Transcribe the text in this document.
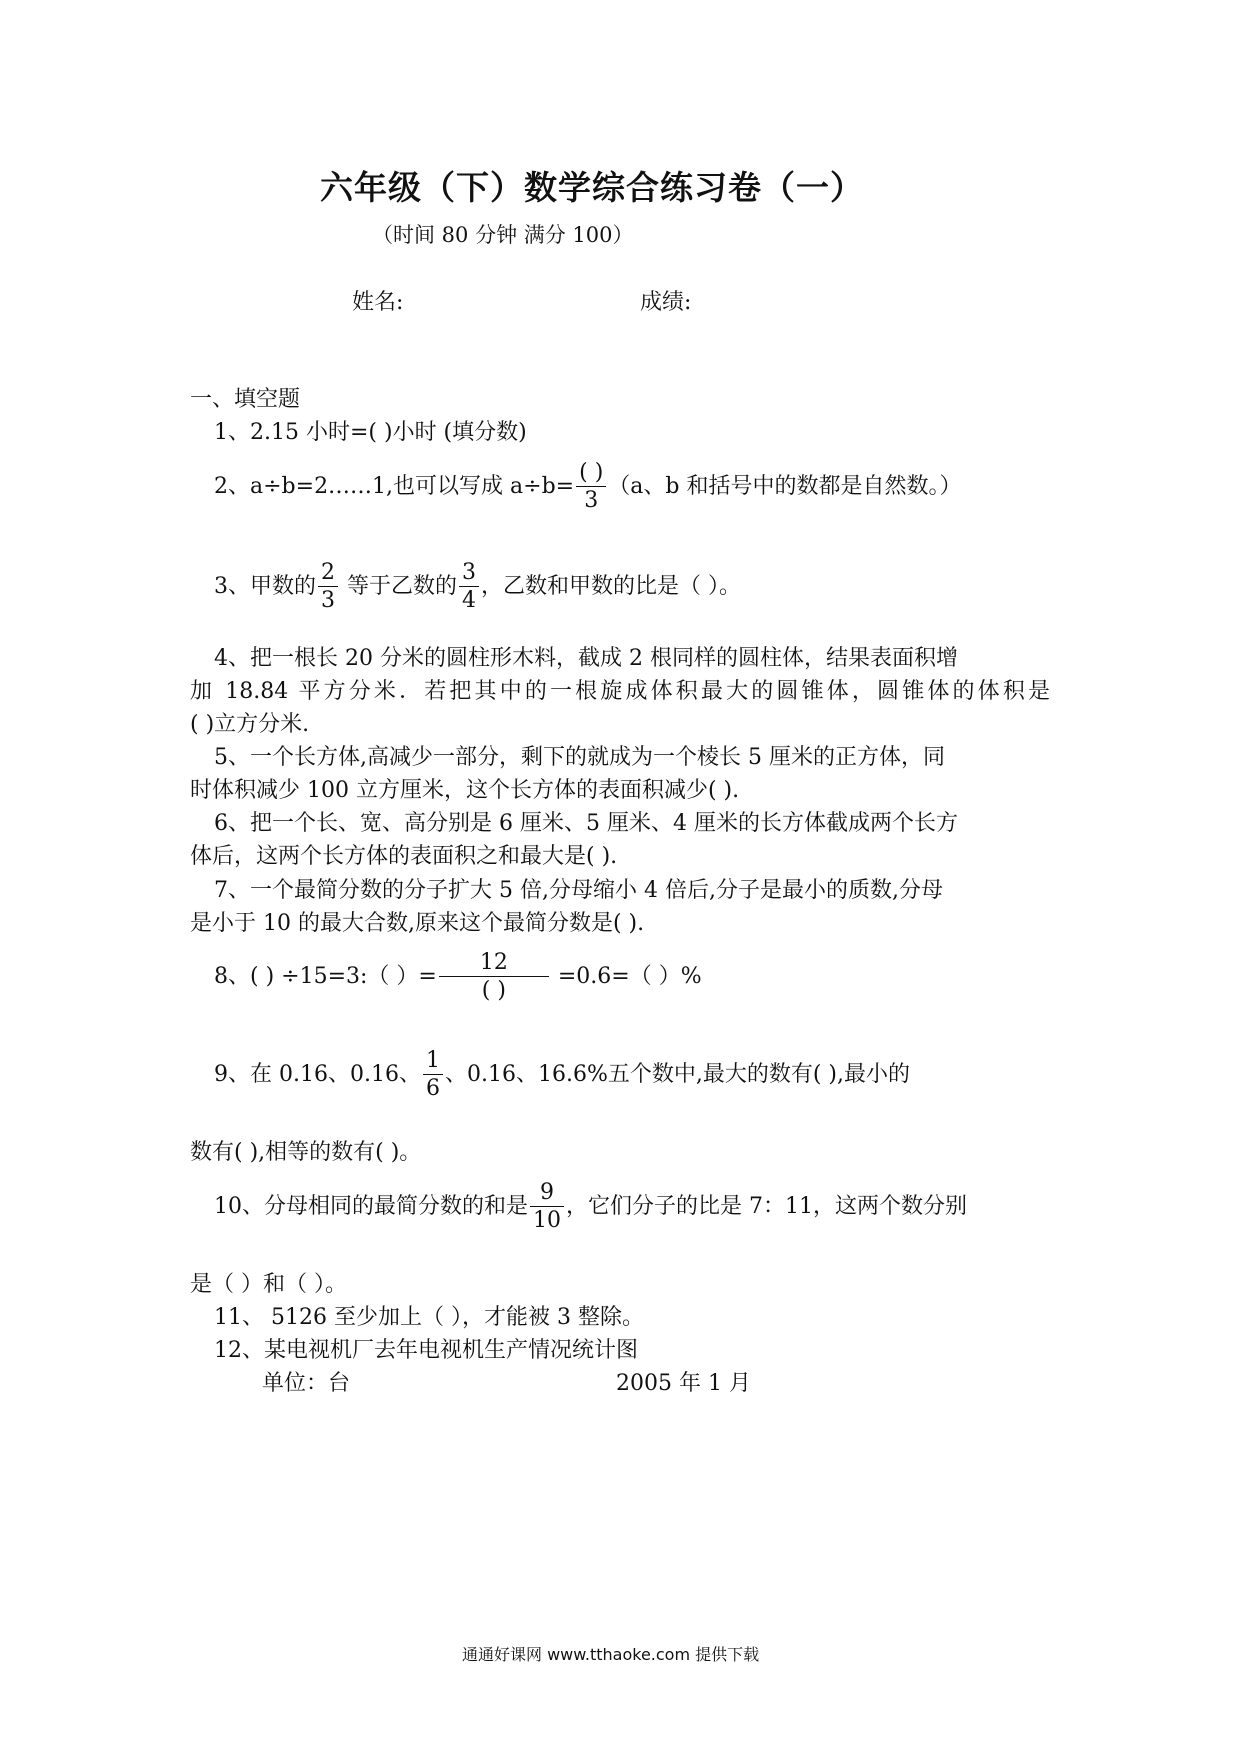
六年级（下）数学综合练习卷（一）
（时间 80 分钟 满分 100）
姓名:	成绩:
一、填空题
1、2.15 小时=( )小时 (填分数)
2、a÷b=2……1,也可以写成 $a\div b= \frac{( )}{3} (a$、b 和括号中的数都是自然数。）
3、甲数的 $\frac{2}{3}$ 等于乙数的 $\frac{3}{4}$ ，乙数和甲数的比是（ ）。
4、把一根长 20 分米的圆柱形木料，截成 2 根同样的圆柱体，结果表面积增
加 18.84 平方分米．若把其中的一根旋成体积最大的圆锥体，圆锥体的体积是
( )立方分米.
5、一个长方体,高减少一部分，剩下的就成为一个棱长 5 厘米的正方体，同
时体积减少 100 立方厘米，这个长方体的表面积减少( ).
6、把一个长、宽、高分别是 6 厘米、5 厘米、4 厘米的长方体截成两个长方
体后，这两个长方体的表面积之和最大是( ).
7、一个最简分数的分子扩大 5 倍,分母缩小 4 倍后,分子是最小的质数,分母
是小于 10 的最大合数,原来这个最简分数是( ).
8、( ) ÷15=3:（ ）= $\frac{12}{( )} =0.6=$（ ）%
9、在 0.16、0.16、 $\frac{1}{6}$ 、0.16、16.6%五个数中,最大的数有( ),最小的
数有( ),相等的数有( )。
10、分母相同的最简分数的和是 $\frac{9}{10}$ ，它们分子的比是 7：11，这两个数分别
是（ ）和（ ）。
11、 5126 至少加上（ ），才能被 3 整除。
12、某电视机厂去年电视机生产情况统计图
单位：台	2005 年 1 月
通通好课网 www.tthaoke.com 提供下载
